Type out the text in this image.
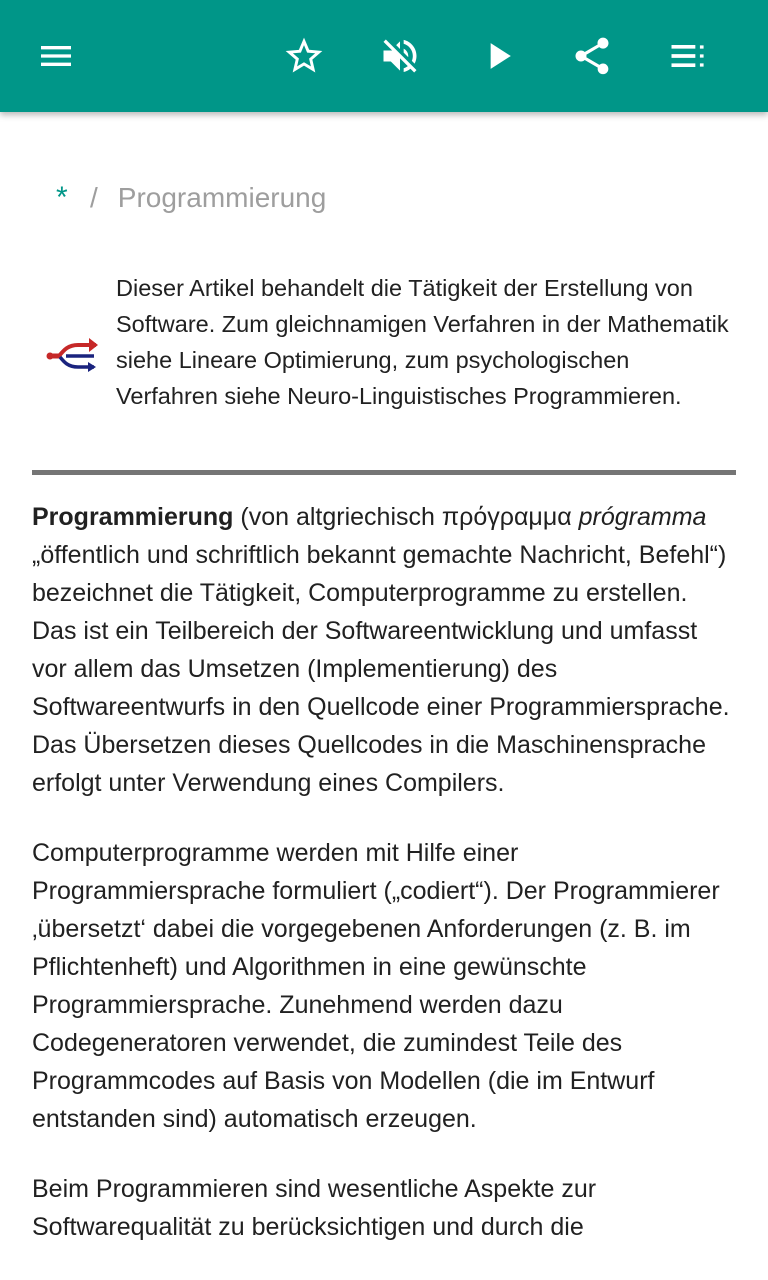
* / Programmierung
Dieser Artikel behandelt die Tätigkeit der Erstellung von Software. Zum gleichnamigen Verfahren in der Mathematik siehe Lineare Optimierung, zum psychologischen Verfahren siehe Neuro-Linguistisches Programmieren.

Programmierung (von altgriechisch πρόγραμμα prógramma „öffentlich und schriftlich bekannt gemachte Nachricht, Befehl“) bezeichnet die Tätigkeit, Computerprogramme zu erstellen. Das ist ein Teilbereich der Softwareentwicklung und umfasst vor allem das Umsetzen (Implementierung) des Softwareentwurfs in den Quellcode einer Programmiersprache. Das Übersetzen dieses Quellcodes in die Maschinensprache erfolgt unter Verwendung eines Compilers.

Computerprogramme werden mit Hilfe einer Programmiersprache formuliert („codiert“). Der Programmierer ‚übersetzt‘ dabei die vorgegebenen Anforderungen (z. B. im Pflichtenheft) und Algorithmen in eine gewünschte Programmiersprache. Zunehmend werden dazu Codegeneratoren verwendet, die zumindest Teile des Programmcodes auf Basis von Modellen (die im Entwurf entstanden sind) automatisch erzeugen.

Beim Programmieren sind wesentliche Aspekte zur Softwarequalität zu berücksichtigen und durch die
